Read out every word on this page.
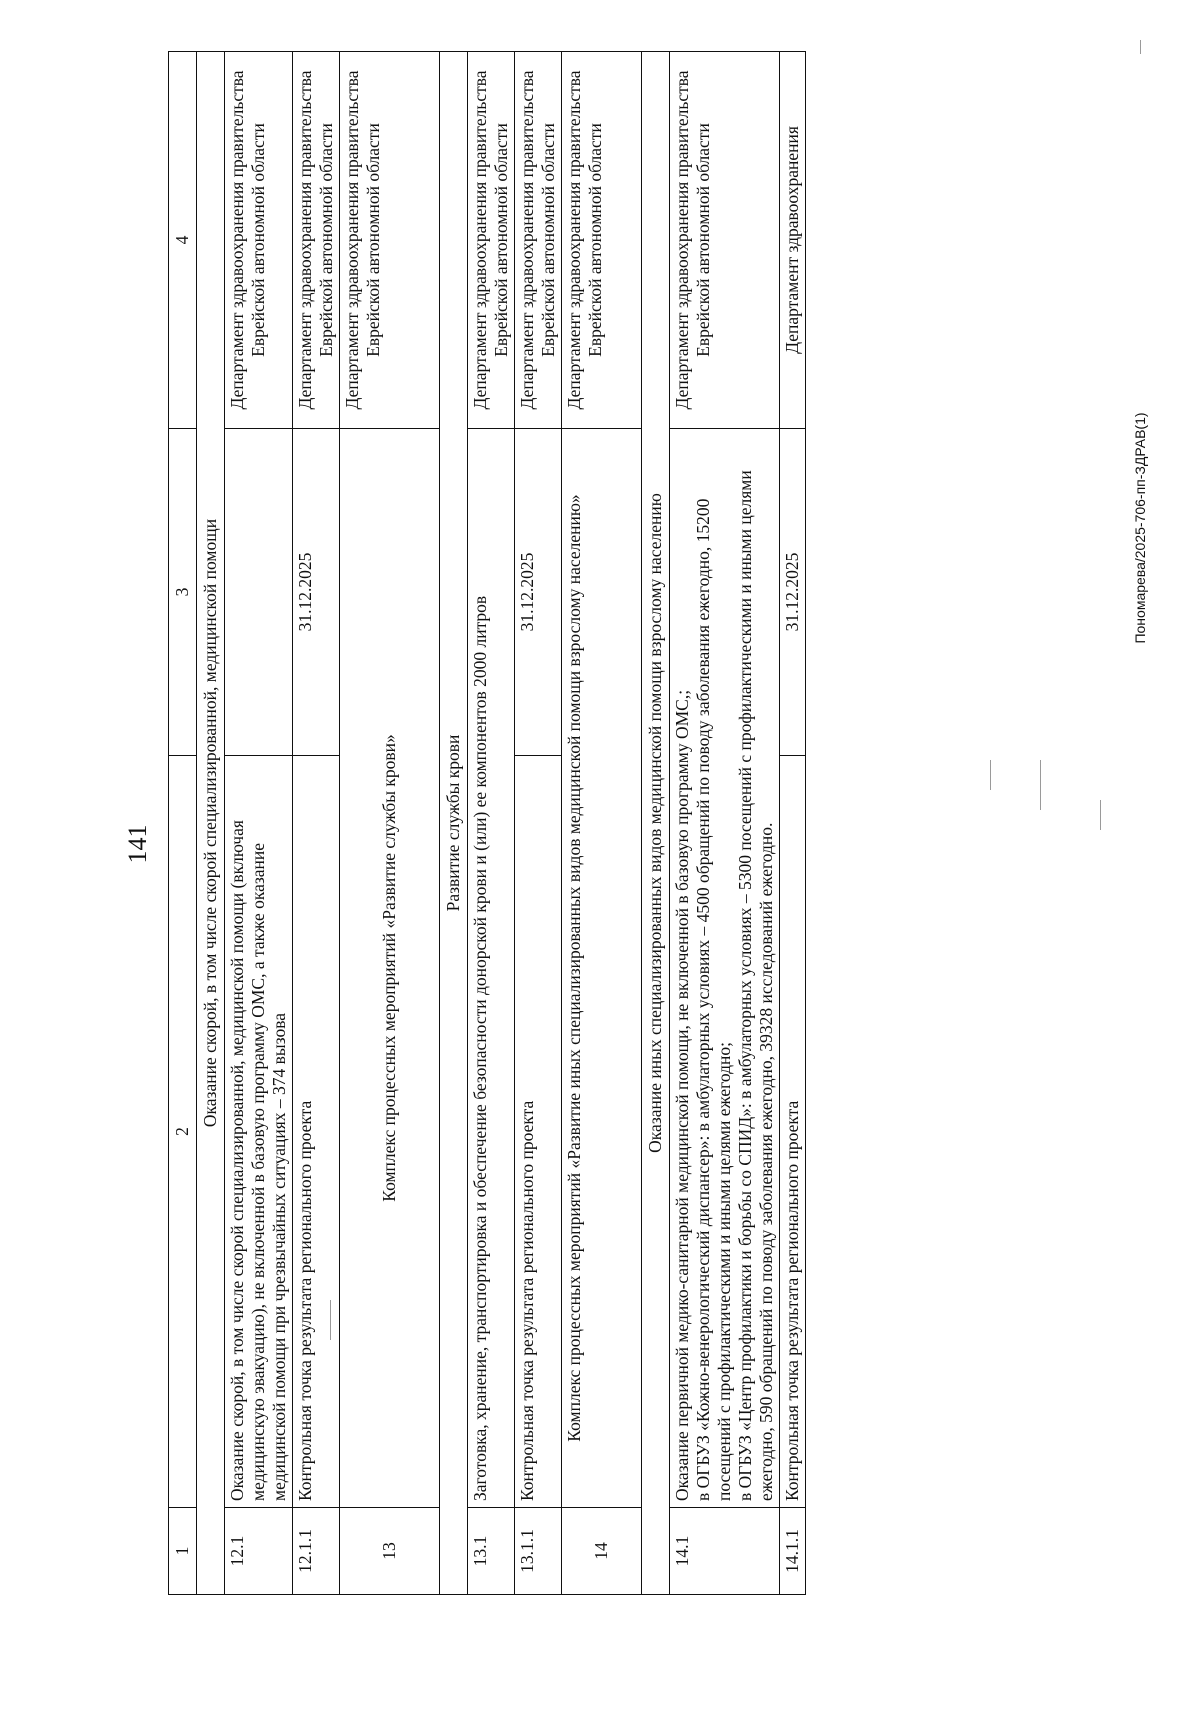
141
Пономарева/2025-706-пп-ЗДРАВ(1)
1	2	3	4
Оказание скорой, в том числе скорой специализированной, медицинской помощи			
12.1	Оказание скорой, в том числе скорой специализированной, медицинской помощи (включая медицинскую эвакуацию), не включенной в базовую программу ОМС, а также оказание медицинской помощи при чрезвычайных ситуациях – 374 вызова		Департамент здравоохранения правительства Еврейской автономной области
12.1.1	Контрольная точка результата регионального проекта	31.12.2025	Департамент здравоохранения правительства Еврейской автономной области
13	Комплекс процессных мероприятий «Развитие службы крови»		Департамент здравоохранения правительства Еврейской автономной области
Развитие службы крови			
13.1	Заготовка, хранение, транспортировка и обеспечение безопасности донорской крови и (или) ее компонентов 2000 литров		Департамент здравоохранения правительства Еврейской автономной области
13.1.1	Контрольная точка результата регионального проекта	31.12.2025	Департамент здравоохранения правительства Еврейской автономной области
14	Комплекс процессных мероприятий «Развитие иных специализированных видов медицинской помощи взрослому населению»		Департамент здравоохранения правительства Еврейской автономной области
Оказание иных специализированных видов медицинской помощи взрослому населению			
14.1	Оказание первичной медико-санитарной медицинской помощи, не включенной в базовую программу ОМС,;
в ОГБУЗ «Кожно-венерологический диспансер»: в амбулаторных условиях – 4500 обращений по поводу заболевания ежегодно, 15200 посещений с профилактическими и иными целями ежегодно;
в ОГБУЗ «Центр профилактики и борьбы со СПИД»: в амбулаторных условиях – 5300 посещений с профилактическими и иными целями ежегодно, 590 обращений по поводу заболевания ежегодно, 39328 исследований ежегодно.		Департамент здравоохранения правительства Еврейской автономной области
14.1.1	Контрольная точка результата регионального проекта	31.12.2025	Департамент здравоохранения
